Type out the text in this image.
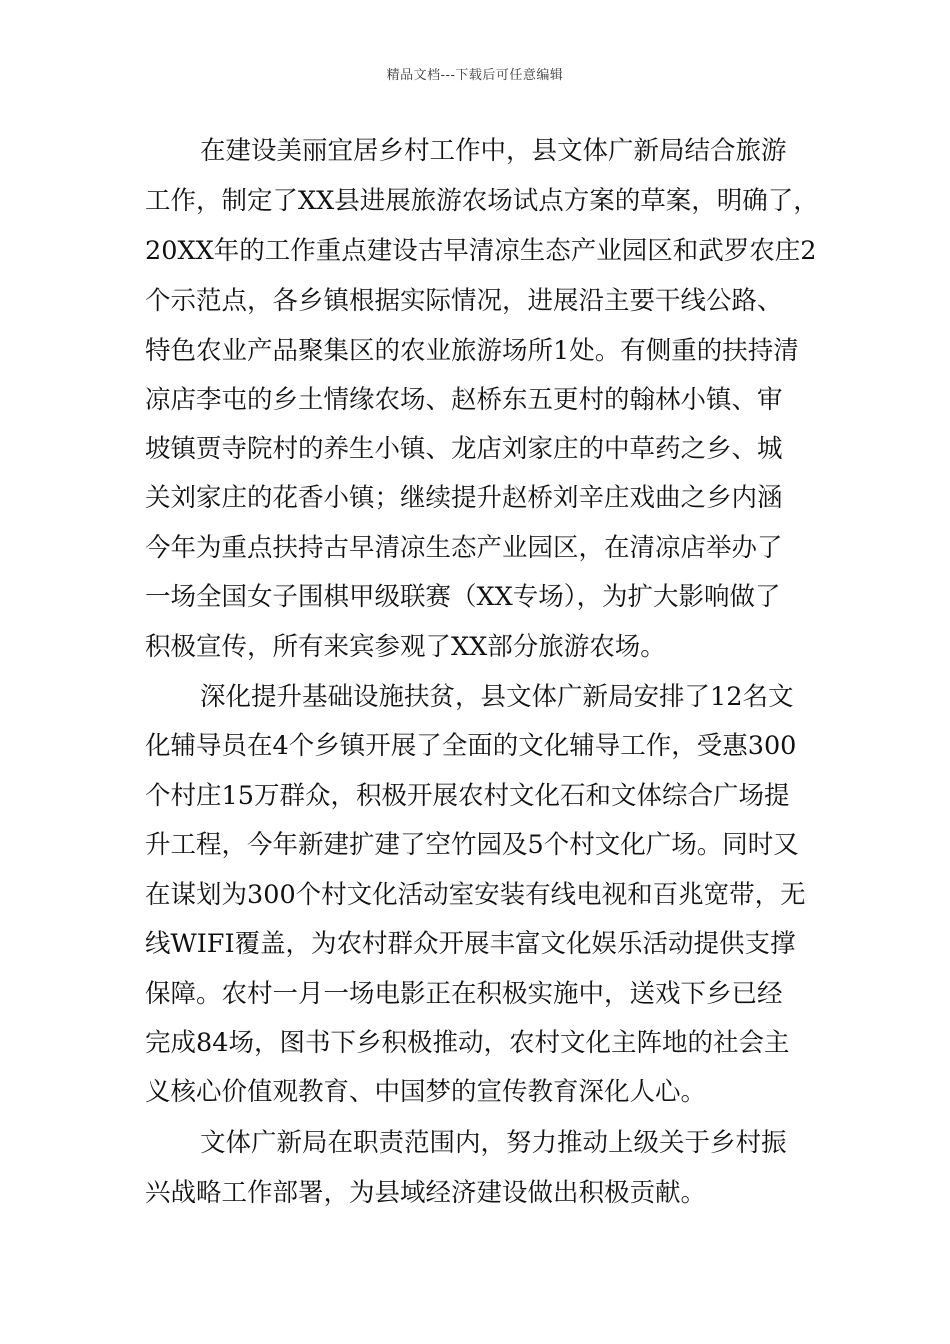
精品文档---下载后可任意编辑
在建设美丽宜居乡村工作中，县文体广新局结合旅游
工作，制定了XX县进展旅游农场试点方案的草案，明确了，
20XX年的工作重点建设古早清凉生态产业园区和武罗农庄2
个示范点，各乡镇根据实际情况，进展沿主要干线公路、
特色农业产品聚集区的农业旅游场所1处。有侧重的扶持清
凉店李屯的乡土情缘农场、赵桥东五更村的翰林小镇、审
坡镇贾寺院村的养生小镇、龙店刘家庄的中草药之乡、城
关刘家庄的花香小镇；继续提升赵桥刘辛庄戏曲之乡内涵
今年为重点扶持古早清凉生态产业园区，在清凉店举办了
一场全国女子围棋甲级联赛（XX专场），为扩大影响做了
积极宣传，所有来宾参观了XX部分旅游农场。
深化提升基础设施扶贫，县文体广新局安排了12名文
化辅导员在4个乡镇开展了全面的文化辅导工作，受惠300
个村庄15万群众，积极开展农村文化石和文体综合广场提
升工程，今年新建扩建了空竹园及5个村文化广场。同时又
在谋划为300个村文化活动室安装有线电视和百兆宽带，无
线WIFI覆盖，为农村群众开展丰富文化娱乐活动提供支撑
保障。农村一月一场电影正在积极实施中，送戏下乡已经
完成84场，图书下乡积极推动，农村文化主阵地的社会主
义核心价值观教育、中国梦的宣传教育深化人心。
文体广新局在职责范围内，努力推动上级关于乡村振
兴战略工作部署，为县域经济建设做出积极贡献。
